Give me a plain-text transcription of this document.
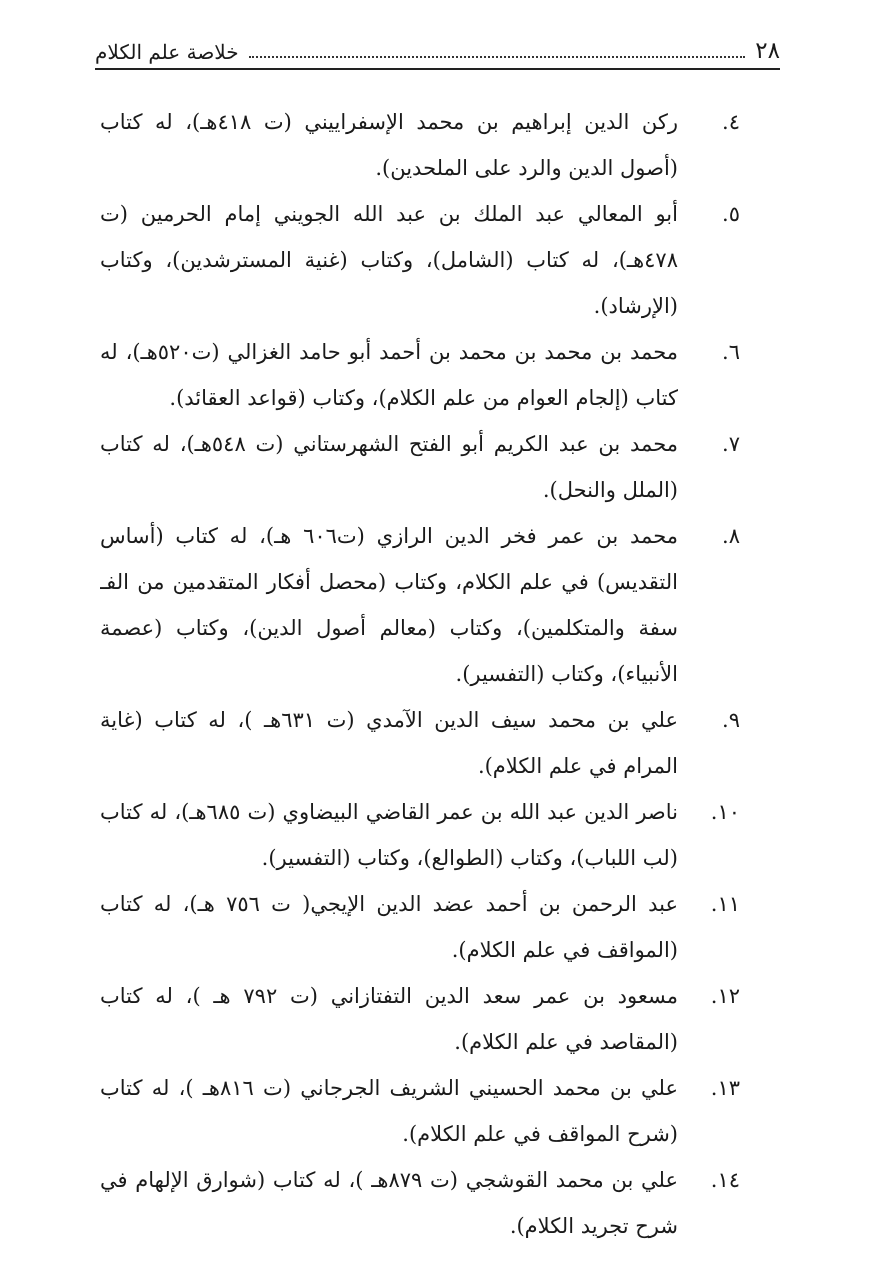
٢٨
خلاصة علم الكلام
٤.
ركن الدين إبراهيم بن محمد الإسفراييني (ت ٤١٨هـ)، له كتاب (أصول الدين والرد على الملحدين).
٥.
أبو المعالي عبد الملك بن عبد الله الجويني إمام الحرمين (ت ٤٧٨هـ)، له كتاب (الشامل)، وكتاب (غنية المسترشدين)، وكتاب (الإرشاد).
٦.
محمد بن محمد بن محمد بن أحمد أبو حامد الغزالي (ت٥٢٠هـ)، له كتاب (إلجام العوام من علم الكلام)، وكتاب (قواعد العقائد).
٧.
محمد بن عبد الكريم أبو الفتح الشهرستاني (ت ٥٤٨هـ)، له كتاب (الملل والنحل).
٨.
محمد بن عمر فخر الدين الرازي (ت٦٠٦ هـ)، له كتاب (أساس التقديس) في علم الكلام، وكتاب (محصل أفكار المتقدمين من الفـ سفة والمتكلمين)، وكتاب (معالم أصول الدين)، وكتاب (عصمة الأنبياء)، وكتاب (التفسير).
٩.
علي بن محمد سيف الدين الآمدي (ت ٦٣١هـ )، له كتاب (غاية المرام في علم الكلام).
١٠.
ناصر الدين عبد الله بن عمر القاضي البيضاوي (ت ٦٨٥هـ)، له كتاب (لب اللباب)، وكتاب (الطوالع)، وكتاب (التفسير).
١١.
عبد الرحمن بن أحمد عضد الدين الإيجي( ت ٧٥٦ هـ)، له كتاب (المواقف في علم الكلام).
١٢.
مسعود بن عمر سعد الدين التفتازاني (ت ٧٩٢ هـ )، له كتاب (المقاصد في علم الكلام).
١٣.
علي بن محمد الحسيني الشريف الجرجاني (ت ٨١٦هـ )، له كتاب (شرح المواقف في علم الكلام).
١٤.
علي بن محمد القوشجي (ت ٨٧٩هـ )، له كتاب (شوارق الإلهام في شرح تجريد الكلام).
